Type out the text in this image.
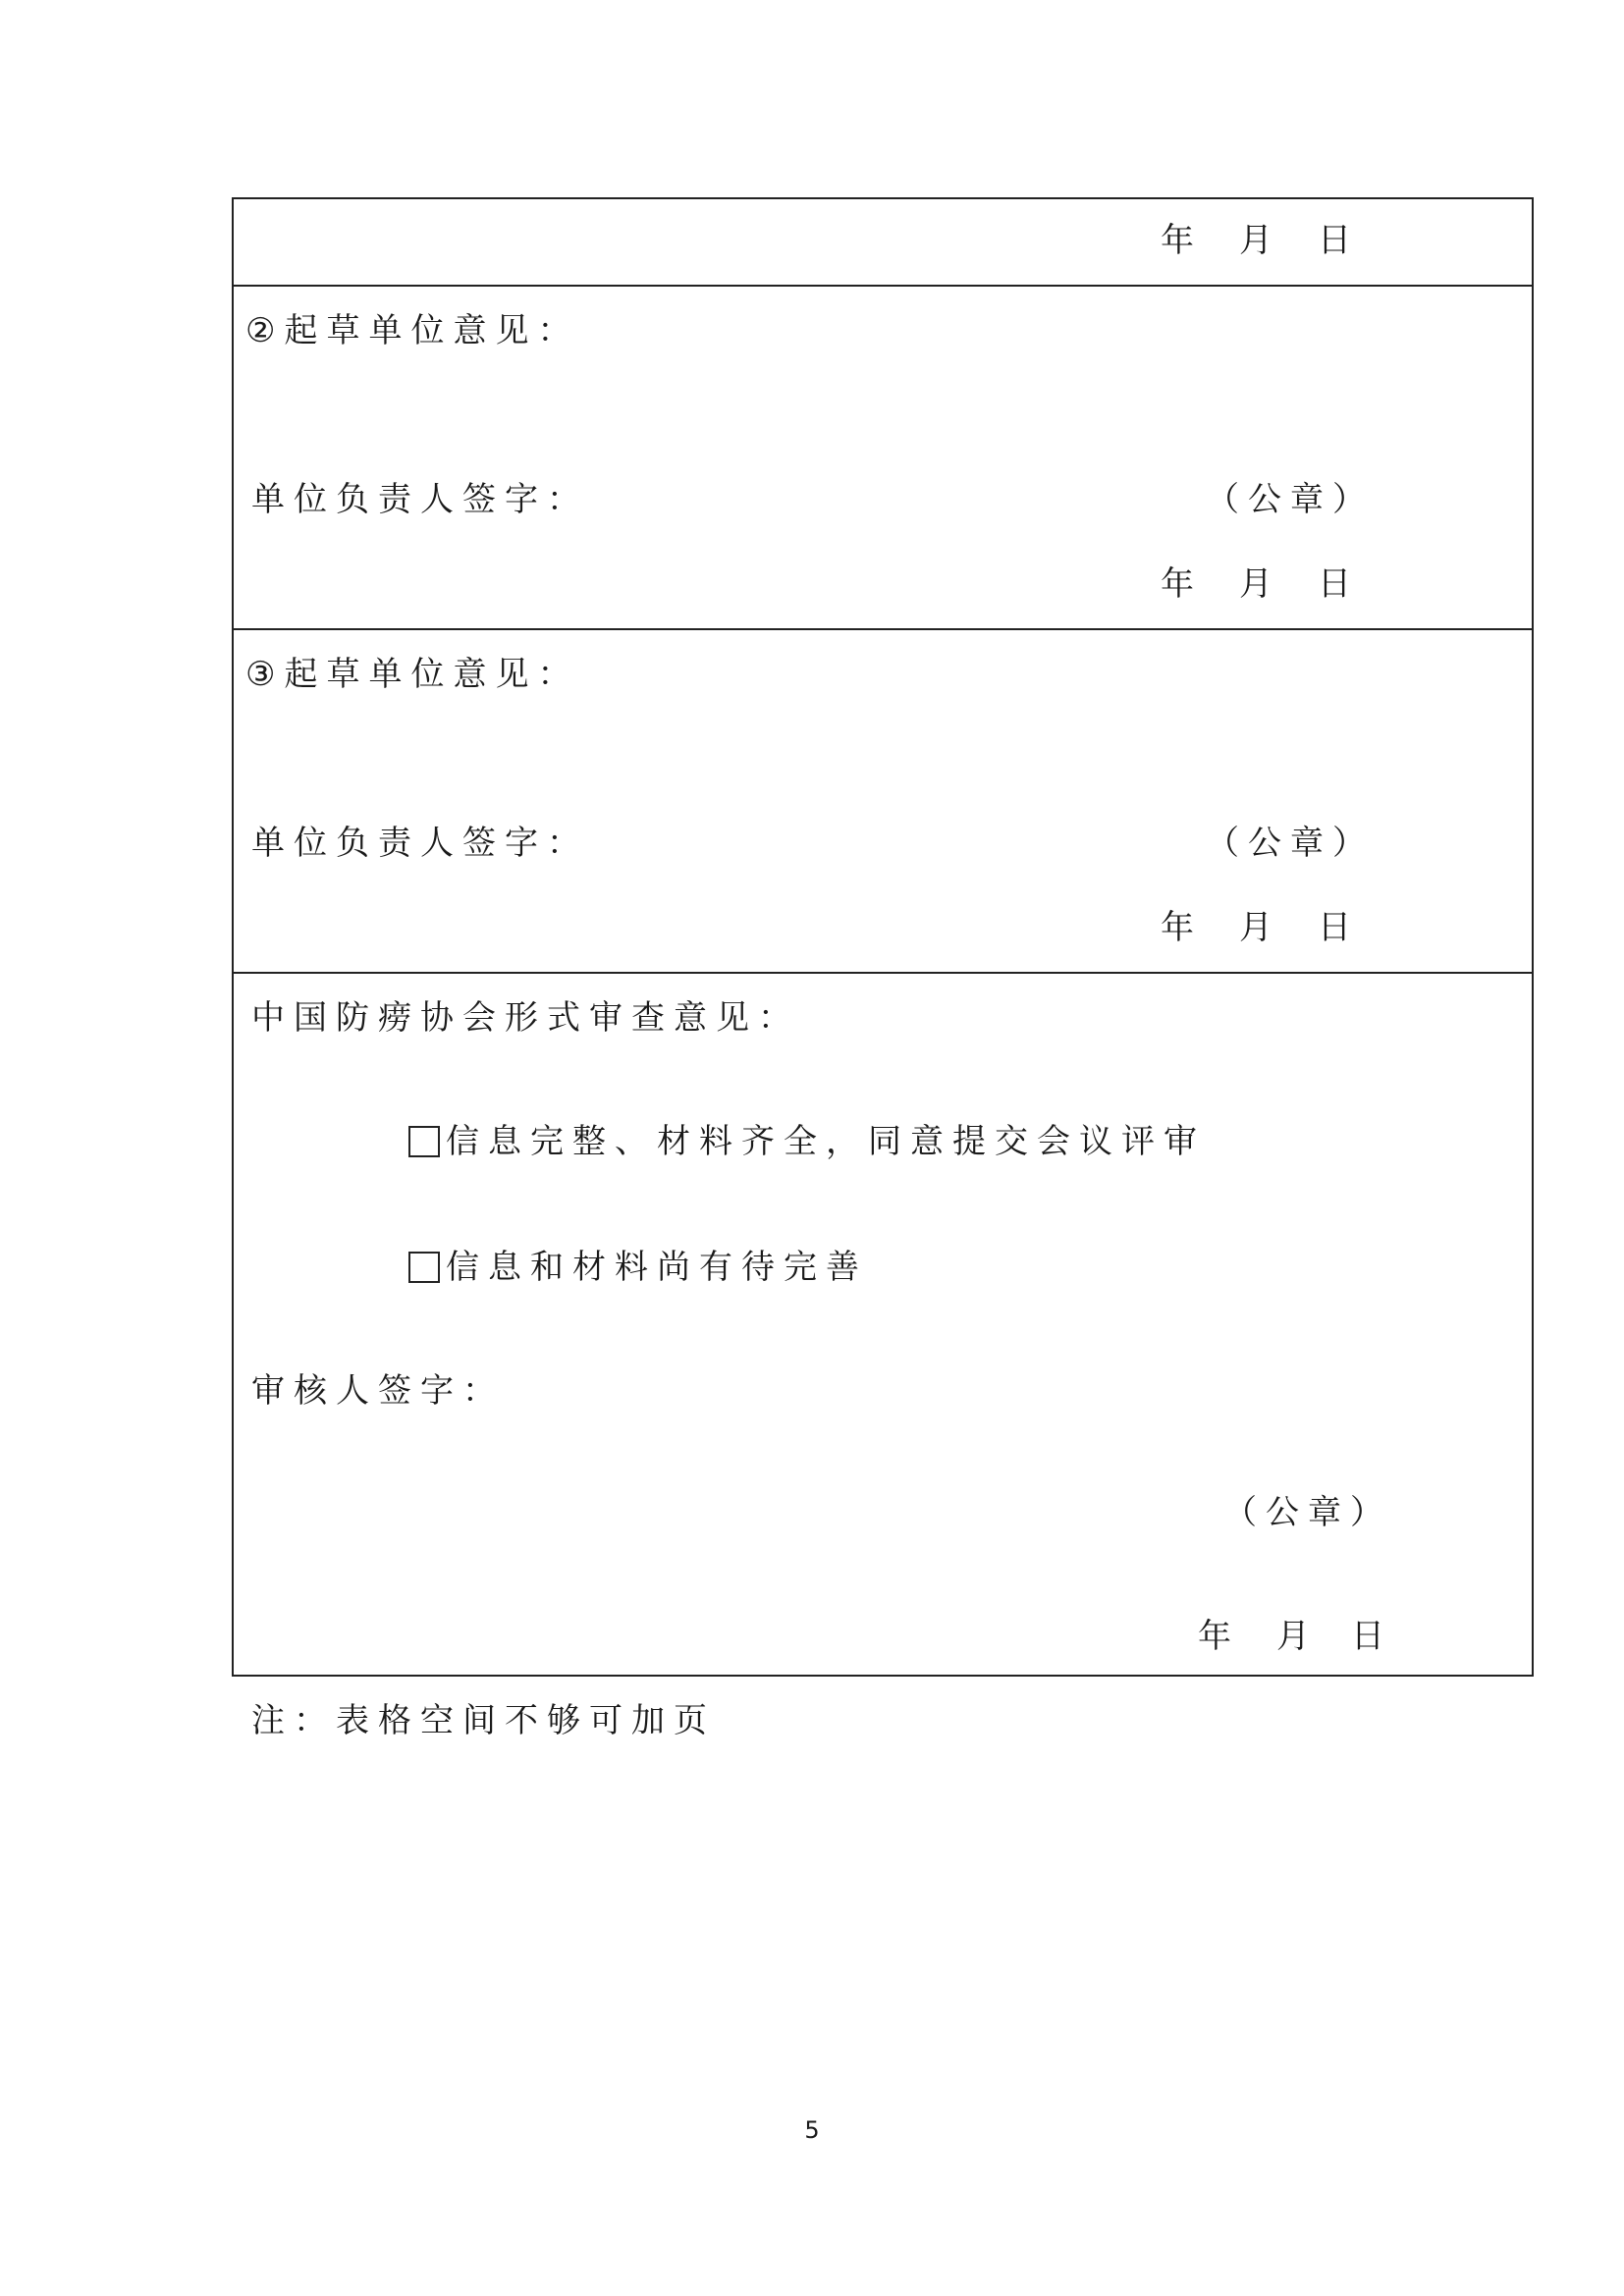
年 月 日
②起草单位意见：
单位负责人签字：	（公章）
年 月 日
③起草单位意见：
单位负责人签字：	（公章）
年 月 日
中国防痨协会形式审查意见：
信息完整、材料齐全，同意提交会议评审
信息和材料尚有待完善
审核人签字：
（公章）
年 月 日
注：表格空间不够可加页
5
